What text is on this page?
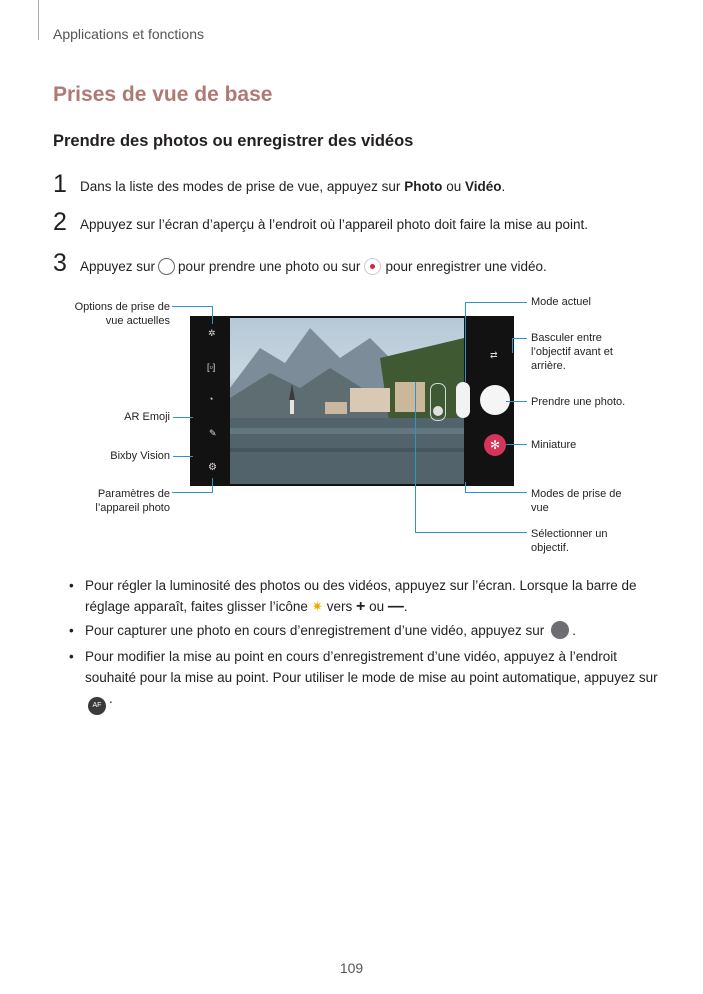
Applications et fonctions
Prises de vue de base
Prendre des photos ou enregistrer des vidéos
1 Dans la liste des modes de prise de vue, appuyez sur Photo ou Vidéo.
2 Appuyez sur l’écran d’aperçu à l’endroit où l’appareil photo doit faire la mise au point.
3 Appuyez sur pour prendre une photo ou sur pour enregistrer une vidéo.
✲
[▫]
◔
✎
⚙
⇄
✻
Options de prise de vue actuelles
AR Emoji
Bixby Vision
Paramètres de l’appareil photo
Mode actuel
Basculer entre l’objectif avant et arrière.
Prendre une photo.
Miniature
Modes de prise de vue
Sélectionner un objectif.
• Pour régler la luminosité des photos ou des vidéos, appuyez sur l’écran. Lorsque la barre de réglage apparaît, faites glisser l’icône ✷ vers + ou —.
• Pour capturer une photo en cours d’enregistrement d’une vidéo, appuyez sur .
• Pour modifier la mise au point en cours d’enregistrement d’une vidéo, appuyez à l’endroit souhaité pour la mise au point. Pour utiliser le mode de mise au point automatique, appuyez sur AF .
109
